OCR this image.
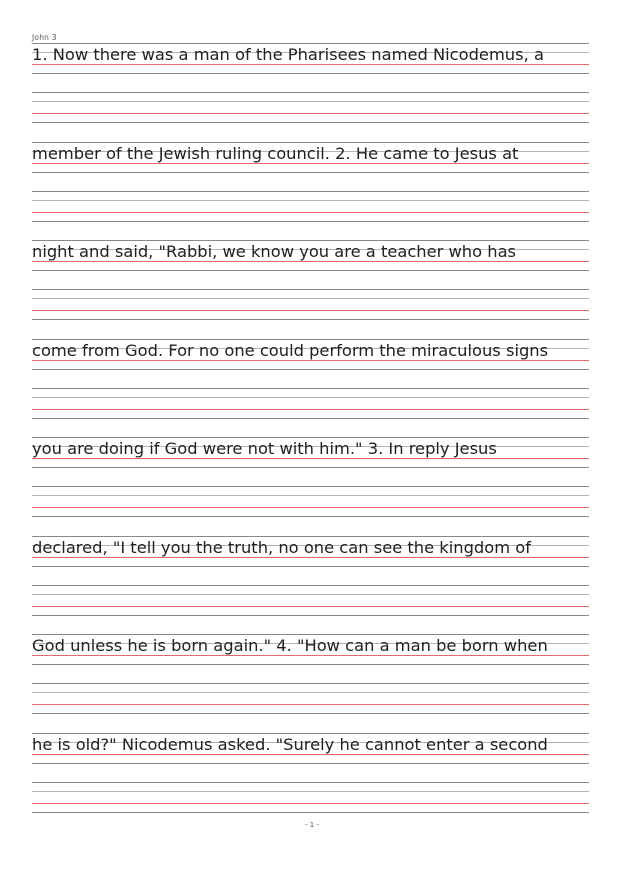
John 3
1. Now there was a man of the Pharisees named Nicodemus, a
member of the Jewish ruling council. 2. He came to Jesus at
night and said, "Rabbi, we know you are a teacher who has
come from God. For no one could perform the miraculous signs
you are doing if God were not with him." 3. In reply Jesus
declared, "I tell you the truth, no one can see the kingdom of
God unless he is born again." 4. "How can a man be born when
he is old?" Nicodemus asked. "Surely he cannot enter a second
- 1 -
